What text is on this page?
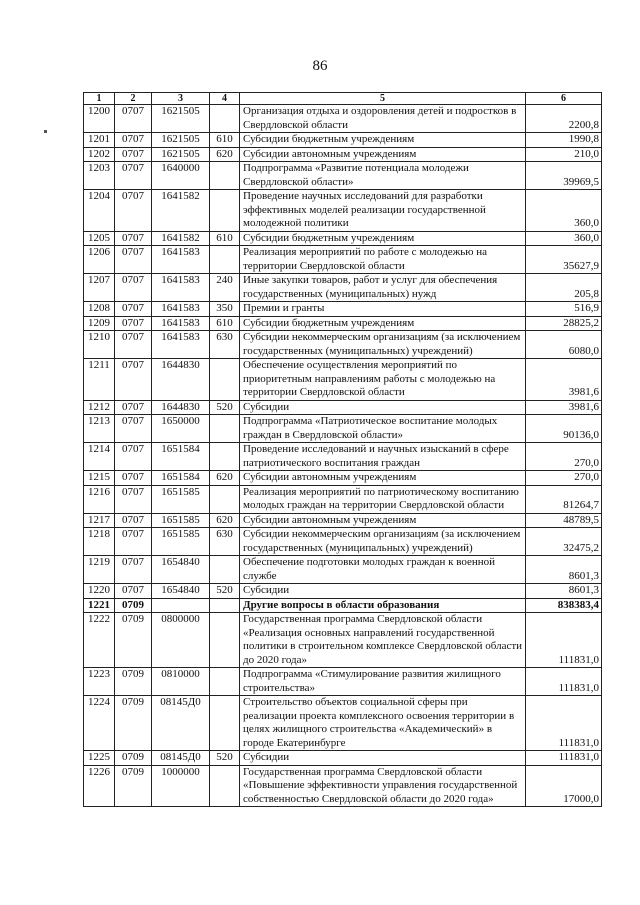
86
1	2	3	4	5	6
1200	0707	1621505		Организация отдыха и оздоровления детей и подростков в Свердловской области	2200,8
1201	0707	1621505	610	Субсидии бюджетным учреждениям	1990,8
1202	0707	1621505	620	Субсидии автономным учреждениям	210,0
1203	0707	1640000		Подпрограмма «Развитие потенциала молодежи Свердловской области»	39969,5
1204	0707	1641582		Проведение научных исследований для разработки эффективных моделей реализации государственной молодежной политики	360,0
1205	0707	1641582	610	Субсидии бюджетным учреждениям	360,0
1206	0707	1641583		Реализация мероприятий по работе с молодежью на территории Свердловской области	35627,9
1207	0707	1641583	240	Иные закупки товаров, работ и услуг для обеспечения государственных (муниципальных) нужд	205,8
1208	0707	1641583	350	Премии и гранты	516,9
1209	0707	1641583	610	Субсидии бюджетным учреждениям	28825,2
1210	0707	1641583	630	Субсидии некоммерческим организациям (за исключением государственных (муниципальных) учреждений)	6080,0
1211	0707	1644830		Обеспечение осуществления мероприятий по приоритетным направлениям работы с молодежью на территории Свердловской области	3981,6
1212	0707	1644830	520	Субсидии	3981,6
1213	0707	1650000		Подпрограмма «Патриотическое воспитание молодых граждан в Свердловской области»	90136,0
1214	0707	1651584		Проведение исследований и научных изысканий в сфере патриотического воспитания граждан	270,0
1215	0707	1651584	620	Субсидии автономным учреждениям	270,0
1216	0707	1651585		Реализация мероприятий по патриотическому воспитанию молодых граждан на территории Свердловской области	81264,7
1217	0707	1651585	620	Субсидии автономным учреждениям	48789,5
1218	0707	1651585	630	Субсидии некоммерческим организациям (за исключением государственных (муниципальных) учреждений)	32475,2
1219	0707	1654840		Обеспечение подготовки молодых граждан к военной службе	8601,3
1220	0707	1654840	520	Субсидии	8601,3
1221	0709			Другие вопросы в области образования	838383,4
1222	0709	0800000		Государственная программа Свердловской области «Реализация основных направлений государственной политики в строительном комплексе Свердловской области до 2020 года»	111831,0
1223	0709	0810000		Подпрограмма «Стимулирование развития жилищного строительства»	111831,0
1224	0709	08145Д0		Строительство объектов социальной сферы при реализации проекта комплексного освоения территории в целях жилищного строительства «Академический» в городе Екатеринбурге	111831,0
1225	0709	08145Д0	520	Субсидии	111831,0
1226	0709	1000000		Государственная программа Свердловской области «Повышение эффективности управления государственной собственностью Свердловской области до 2020 года»	17000,0
